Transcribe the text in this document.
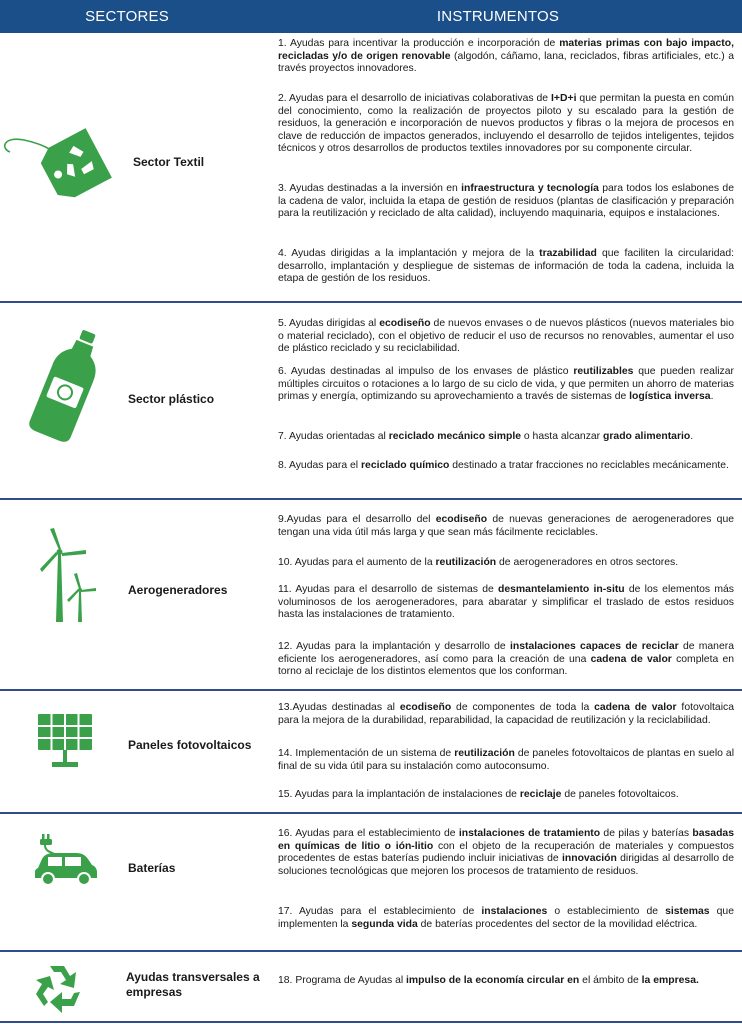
SECTORES	INSTRUMENTOS
Sector Textil
1. Ayudas para incentivar la producción e incorporación de materias primas con bajo impacto, recicladas y/o de origen renovable (algodón, cáñamo, lana, reciclados, fibras artificiales, etc.) a través proyectos innovadores.
2. Ayudas para el desarrollo de iniciativas colaborativas de I+D+i que permitan la puesta en común del conocimiento, como la realización de proyectos piloto y su escalado para la gestión de residuos, la generación e incorporación de nuevos productos y fibras o la mejora de procesos en clave de reducción de impactos generados, incluyendo el desarrollo de tejidos inteligentes, tejidos técnicos y otros desarrollos de productos textiles innovadores por su componente circular.
3. Ayudas destinadas a la inversión en infraestructura y tecnología para todos los eslabones de la cadena de valor, incluida la etapa de gestión de residuos (plantas de clasificación y preparación para la reutilización y reciclado de alta calidad), incluyendo maquinaria, equipos e instalaciones.
4. Ayudas dirigidas a la implantación y mejora de la trazabilidad que faciliten la circularidad: desarrollo, implantación y despliegue de sistemas de información de toda la cadena, incluida la etapa de gestión de los residuos.
Sector plástico
5. Ayudas dirigidas al ecodiseño de nuevos envases o de nuevos plásticos (nuevos materiales bio o material reciclado), con el objetivo de reducir el uso de recursos no renovables, aumentar el uso de plástico reciclado y su reciclabilidad.
6. Ayudas destinadas al impulso de los envases de plástico reutilizables que pueden realizar múltiples circuitos o rotaciones a lo largo de su ciclo de vida, y que permiten un ahorro de materias primas y energía, optimizando su aprovechamiento a través de sistemas de logística inversa.
7. Ayudas orientadas al reciclado mecánico simple o hasta alcanzar grado alimentario.
8. Ayudas para el reciclado químico destinado a tratar fracciones no reciclables mecánicamente.
Aerogeneradores
9.Ayudas para el desarrollo del ecodiseño de nuevas generaciones de aerogeneradores que tengan una vida útil más larga y que sean más fácilmente reciclables.
10. Ayudas para el aumento de la reutilización de aerogeneradores en otros sectores.
11. Ayudas para el desarrollo de sistemas de desmantelamiento in-situ de los elementos más voluminosos de los aerogeneradores, para abaratar y simplificar el traslado de estos residuos hasta las instalaciones de tratamiento.
12. Ayudas para la implantación y desarrollo de instalaciones capaces de reciclar de manera eficiente los aerogeneradores, así como para la creación de una cadena de valor completa en torno al reciclaje de los distintos elementos que los conforman.
Paneles fotovoltaicos
13.Ayudas destinadas al ecodiseño de componentes de toda la cadena de valor fotovoltaica para la mejora de la durabilidad, reparabilidad, la capacidad de reutilización y la reciclabilidad.
14. Implementación de un sistema de reutilización de paneles fotovoltaicos de plantas en suelo al final de su vida útil para su instalación como autoconsumo.
15. Ayudas para la implantación de instalaciones de reciclaje de paneles fotovoltaicos.
Baterías
16. Ayudas para el establecimiento de instalaciones de tratamiento de pilas y baterías basadas en químicas de litio o ión-litio con el objeto de la recuperación de materiales y compuestos procedentes de estas baterías pudiendo incluir iniciativas de innovación dirigidas al desarrollo de soluciones tecnológicas que mejoren los procesos de tratamiento de residuos.
17. Ayudas para el establecimiento de instalaciones o establecimiento de sistemas que implementen la segunda vida de baterías procedentes del sector de la movilidad eléctrica.
Ayudas transversales a empresas
18. Programa de Ayudas al impulso de la economía circular en el ámbito de la empresa.
